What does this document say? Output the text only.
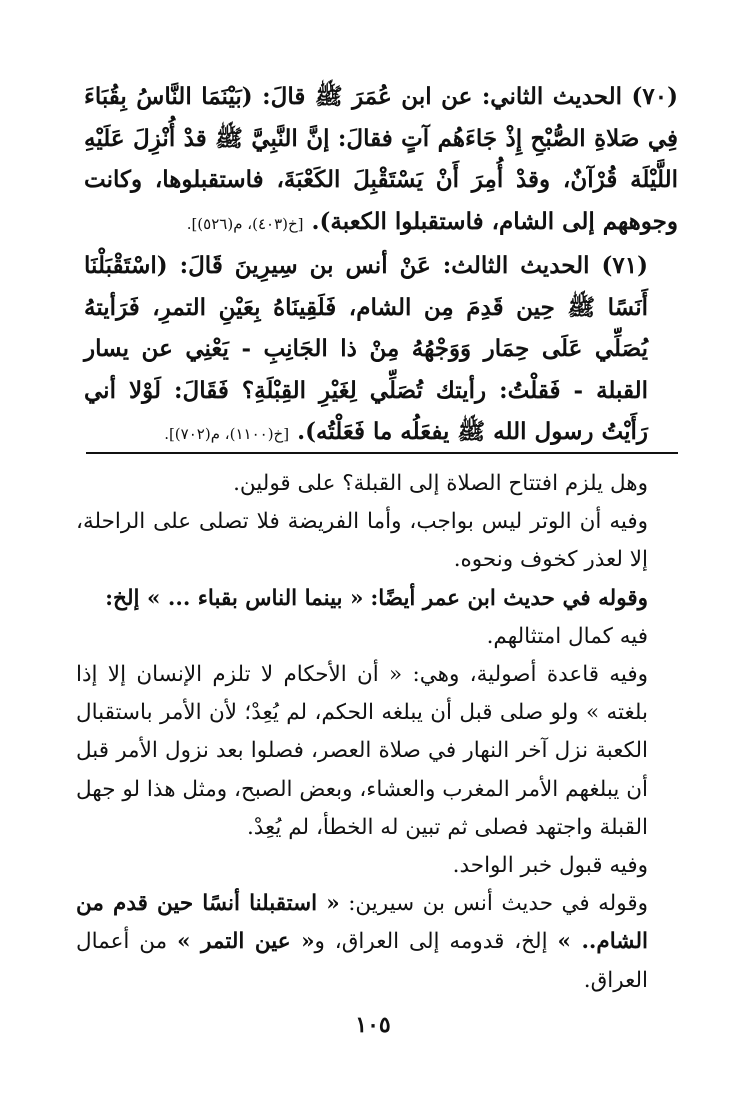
(٧٠) الحديث الثاني: عن ابن عُمَرَ ﷺ قالَ: (بَيْنَمَا النَّاسُ بِقُبَاءَ فِي صَلاةِ الصُّبْحِ إِذْ جَاءَهُم آتٍ فقالَ: إنَّ النَّبِيَّ ﷺ قدْ أُنْزِلَ عَلَيْهِ اللَّيْلَة قُرْآنٌ، وقدْ أُمِرَ أَنْ يَسْتَقْبِلَ الكَعْبَةَ، فاستقبلوها، وكانت وجوههم إلى الشام، فاستقبلوا الكعبة). [خ(٤٠٣)، م(٥٢٦)].

(٧١) الحديث الثالث: عَنْ أنس بن سِيرِينَ قَالَ: (اسْتَقْبَلْنَا أَنَسًا ﷺ حِين قَدِمَ مِن الشام، فَلَقِينَاهُ بِعَيْنِ التمرِ، فَرَأيتهُ يُصَلِّي عَلَى حِمَار وَوَجْهُهُ مِنْ ذا الجَانِبِ - يَعْنِي عن يسار القبلة - فَقلْتُ: رأيتك تُصَلِّي لِغَيْرِ القِبْلَةِ؟ فَقَالَ: لَوْلا أني رَأَيْتُ رسول الله ﷺ يفعَلُه ما فَعَلْتُه). [خ(١١٠٠)، م(٧٠٢)].

وهل يلزم افتتاح الصلاة إلى القبلة؟ على قولين.

وفيه أن الوتر ليس بواجب، وأما الفريضة فلا تصلى على الراحلة، إلا لعذر كخوف ونحوه.

وقوله في حديث ابن عمر أيضًا: « بينما الناس بقباء ... » إلخ:

فيه كمال امتثالهم.

وفيه قاعدة أصولية، وهي: « أن الأحكام لا تلزم الإنسان إلا إذا بلغته » ولو صلى قبل أن يبلغه الحكم، لم يُعِدْ؛ لأن الأمر باستقبال الكعبة نزل آخر النهار في صلاة العصر، فصلوا بعد نزول الأمر قبل أن يبلغهم الأمر المغرب والعشاء، وبعض الصبح، ومثل هذا لو جهل القبلة واجتهد فصلى ثم تبين له الخطأ، لم يُعِدْ.

وفيه قبول خبر الواحد.

وقوله في حديث أنس بن سيرين: « استقبلنا أنسًا حين قدم من الشام.. » إلخ، قدومه إلى العراق، و« عين التمر » من أعمال العراق.

١٠٥
